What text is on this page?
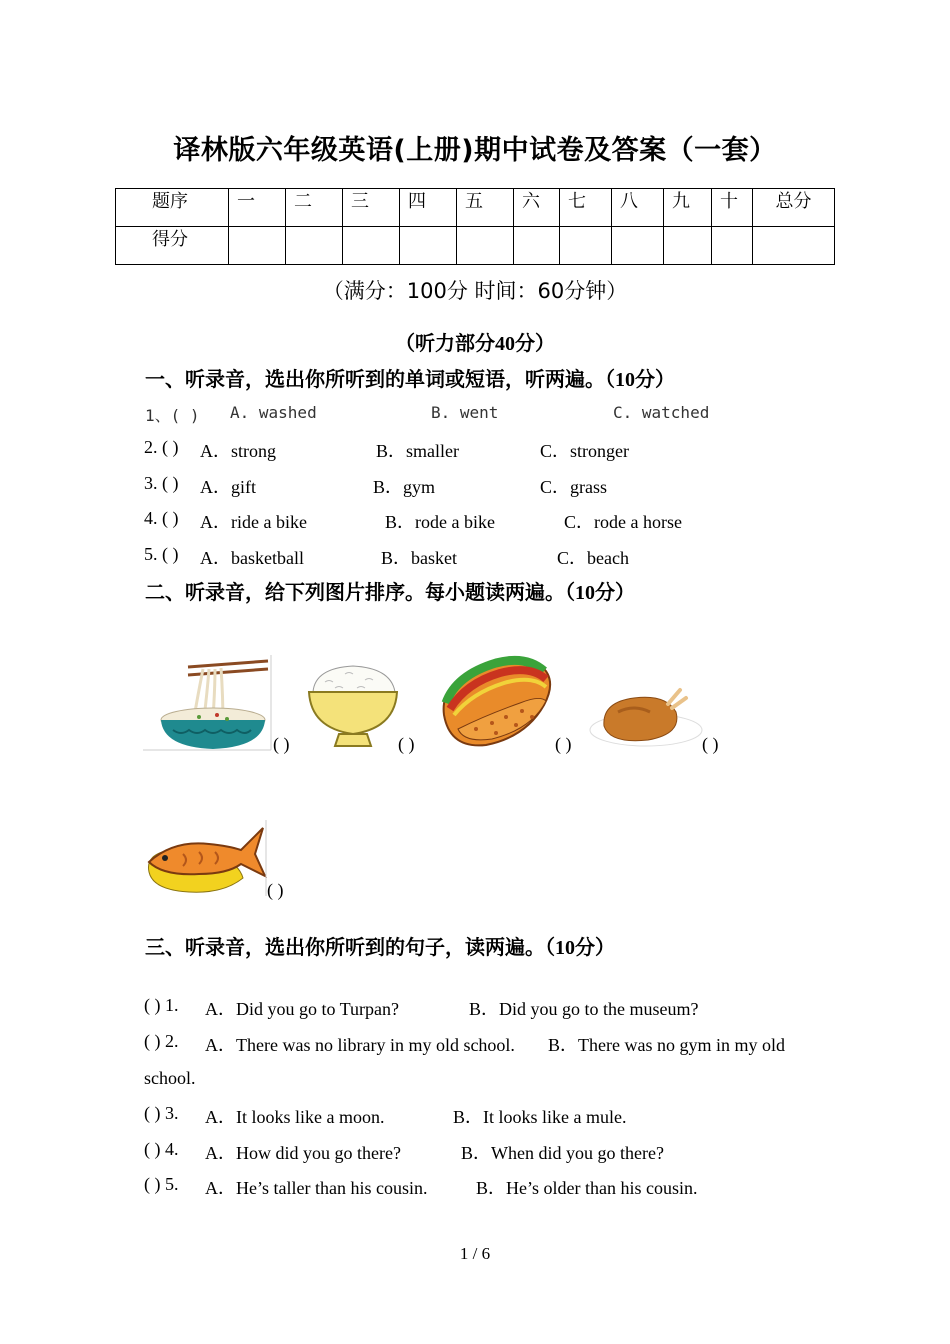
译林版六年级英语(上册)期中试卷及答案（一套）
题序	一	二	三	四	五	六	七	八	九	十	总分
得分											
（满分：100分 时间：60分钟）
（听力部分40分）
一、听录音，选出你所听到的单词或短语，听两遍。（10分）
1、( ) A. washed	B. went	C. watched
2. ( ) A．strong	B．smaller	C．stronger
3. ( ) A．gift	B．gym	C．grass
4. ( ) A．ride a bike	B．rode a bike	C．rode a horse
5. ( ) A．basketball	B．basket	C．beach
二、听录音，给下列图片排序。每小题读两遍。（10分）
( )	( )	( )	( )
( )
三、听录音，选出你所听到的句子，读两遍。（10分）
( ) 1. A．Did you go to Turpan?	B．Did you go to the museum?
( ) 2. A．There was no library in my old school. B．There was no gym in my old
school.
( ) 3. A．It looks like a moon.	B．It looks like a mule.
( ) 4. A．How did you go there?	B．When did you go there?
( ) 5. A．He’s taller than his cousin.	B．He’s older than his cousin.
1 / 6
